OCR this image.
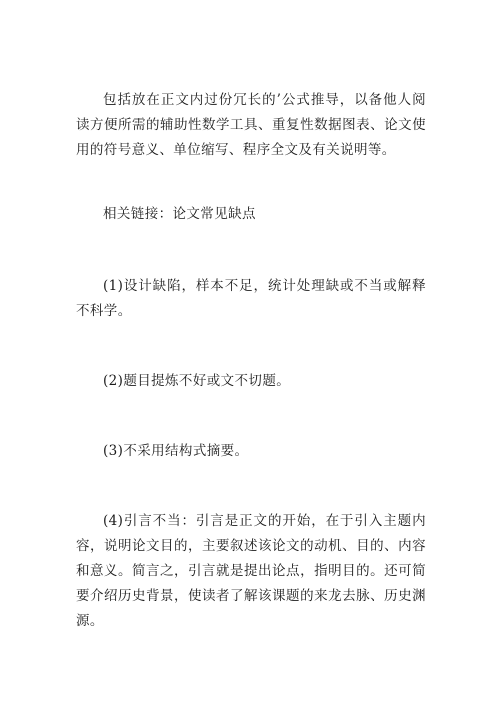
包括放在正文内过份冗长的’公式推导，以备他人阅读方便所需的辅助性数学工具、重复性数据图表、论文使用的符号意义、单位缩写、程序全文及有关说明等。

相关链接：论文常见缺点

(1)设计缺陷，样本不足，统计处理缺或不当或解释不科学。

(2)题目提炼不好或文不切题。

(3)不采用结构式摘要。

(4)引言不当：引言是正文的开始，在于引入主题内容，说明论文目的，主要叙述该论文的动机、目的、内容和意义。简言之，引言就是提出论点，指明目的。还可简要介绍历史背景，使读者了解该课题的来龙去脉、历史渊源。
